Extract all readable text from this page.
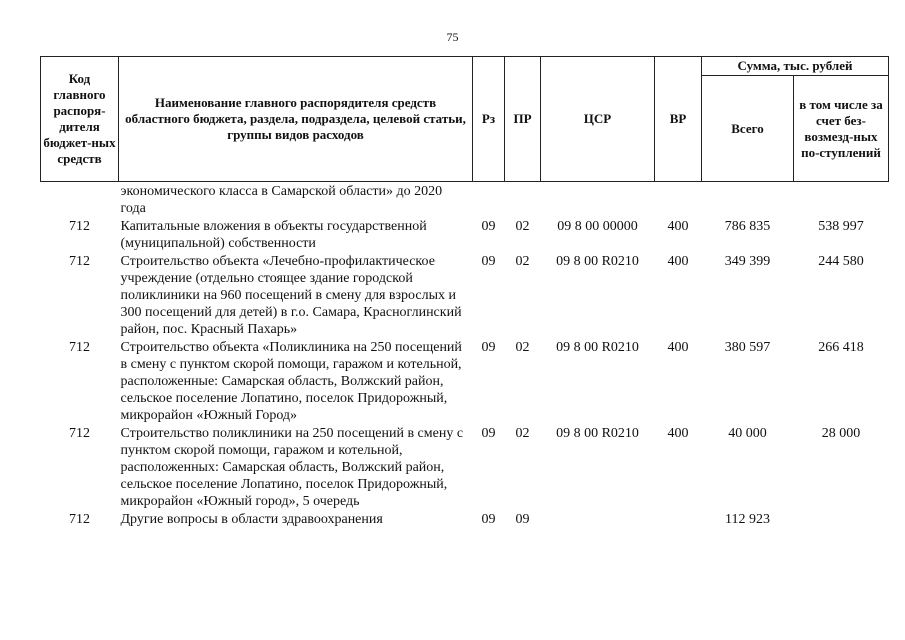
75
Код главного распоря-дителя бюджет-ных средств	Наименование главного распорядителя средств областного бюджета, раздела, подраздела, целевой статьи, группы видов расходов	Рз	ПР	ЦСР	ВР	Сумма, тыс. рублей	
						Всего	в том числе за счет без-возмезд-ных по-ступлений
	экономического класса в Самарской области» до 2020 года						
712	Капитальные вложения в объекты государственной (муниципальной) собственности	09	02	09 8 00 00000	400	786 835	538 997
712	Строительство объекта «Лечебно-профилактическое учреждение (отдельно стоящее здание городской поликлиники на 960 посещений в смену для взрослых и 300 посещений для детей) в г.о. Самара, Красноглинский район, пос. Красный Пахарь»	09	02	09 8 00 R0210	400	349 399	244 580
712	Строительство объекта «Поликлиника на 250 посещений в смену с пунктом скорой помощи, гаражом и котельной, расположенные: Самарская область, Волжский район, сельское поселение Лопатино, поселок Придорожный, микрорайон «Южный Город»	09	02	09 8 00 R0210	400	380 597	266 418
712	Строительство поликлиники на 250 посещений в смену с пунктом скорой помощи, гаражом и котельной, расположенных: Самарская область, Волжский район, сельское поселение Лопатино, поселок Придорожный, микрорайон «Южный город», 5 очередь	09	02	09 8 00 R0210	400	40 000	28 000
712	Другие вопросы в области здравоохранения	09	09			112 923	
